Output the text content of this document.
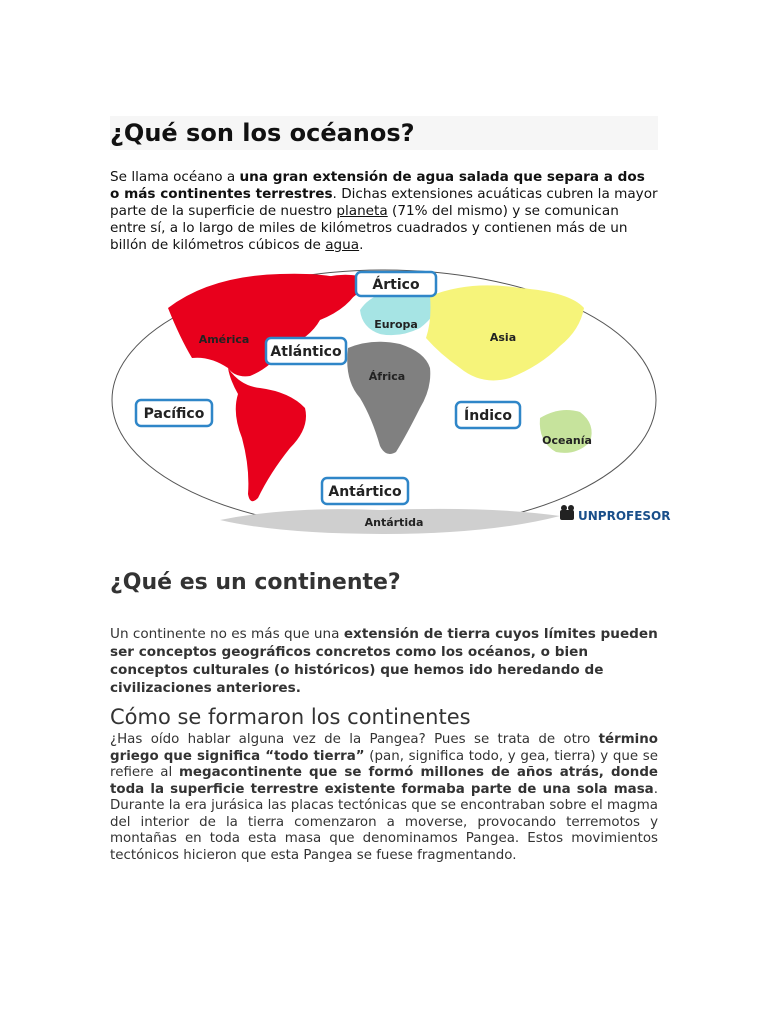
¿Qué son los océanos?
Se llama océano a una gran extensión de agua salada que separa a dos o más continentes terrestres. Dichas extensiones acuáticas cubren la mayor parte de la superficie de nuestro planeta (71% del mismo) y se comunican entre sí, a lo largo de miles de kilómetros cuadrados y contienen más de un billón de kilómetros cúbicos de agua.
Ártico
Atlántico
Pacífico	Índico
Antártico
América
Europa
Asia
África
Oceanía
Antártida	UNPROFESOR
¿Qué es un continente?
Un continente no es más que una extensión de tierra cuyos límites pueden ser conceptos geográficos concretos como los océanos, o bien conceptos culturales (o históricos) que hemos ido heredando de civilizaciones anteriores.
Cómo se formaron los continentes
¿Has oído hablar alguna vez de la Pangea? Pues se trata de otro término griego que significa “todo tierra” (pan, significa todo, y gea, tierra) y que se refiere al megacontinente que se formó millones de años atrás, donde toda la superficie terrestre existente formaba parte de una sola masa. Durante la era jurásica las placas tectónicas que se encontraban sobre el magma del interior de la tierra comenzaron a moverse, provocando terremotos y montañas en toda esta masa que denominamos Pangea. Estos movimientos tectónicos hicieron que esta Pangea se fuese fragmentando.
